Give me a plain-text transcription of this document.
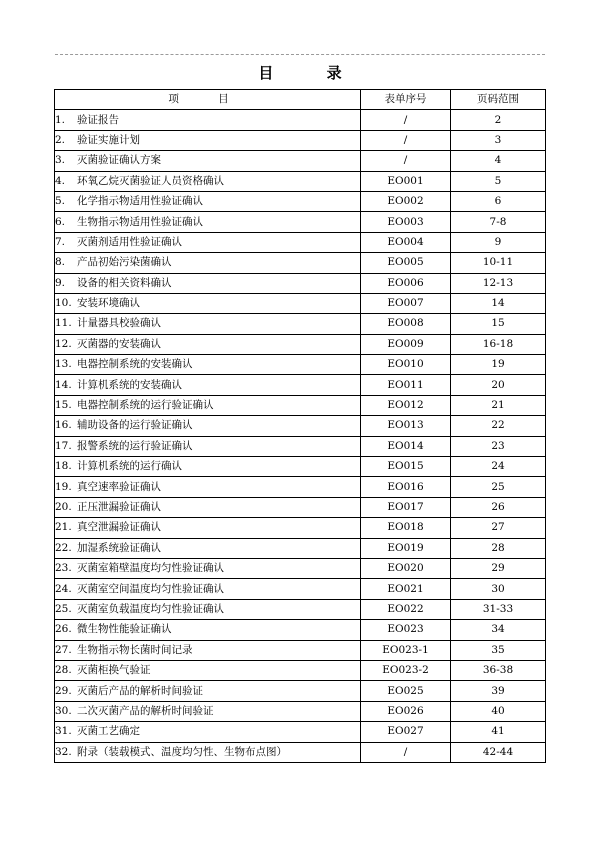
目 录
项 目	表单序号	页码范围
1. 验证报告	/	2
2. 验证实施计划	/	3
3. 灭菌验证确认方案	/	4
4. 环氧乙烷灭菌验证人员资格确认	EO001	5
5. 化学指示物适用性验证确认	EO002	6
6. 生物指示物适用性验证确认	EO003	7-8
7. 灭菌剂适用性验证确认	EO004	9
8. 产品初始污染菌确认	EO005	10-11
9. 设备的相关资料确认	EO006	12-13
10. 安装环境确认	EO007	14
11. 计量器具校验确认	EO008	15
12. 灭菌器的安装确认	EO009	16-18
13. 电器控制系统的安装确认	EO010	19
14. 计算机系统的安装确认	EO011	20
15. 电器控制系统的运行验证确认	EO012	21
16. 辅助设备的运行验证确认	EO013	22
17. 报警系统的运行验证确认	EO014	23
18. 计算机系统的运行确认	EO015	24
19. 真空速率验证确认	EO016	25
20. 正压泄漏验证确认	EO017	26
21. 真空泄漏验证确认	EO018	27
22. 加湿系统验证确认	EO019	28
23. 灭菌室箱壁温度均匀性验证确认	EO020	29
24. 灭菌室空间温度均匀性验证确认	EO021	30
25. 灭菌室负载温度均匀性验证确认	EO022	31-33
26. 微生物性能验证确认	EO023	34
27. 生物指示物长菌时间记录	EO023-1	35
28. 灭菌柜换气验证	EO023-2	36-38
29. 灭菌后产品的解析时间验证	EO025	39
30. 二次灭菌产品的解析时间验证	EO026	40
31. 灭菌工艺确定	EO027	41
32. 附录（装载模式、温度均匀性、生物布点图）	/	42-44
